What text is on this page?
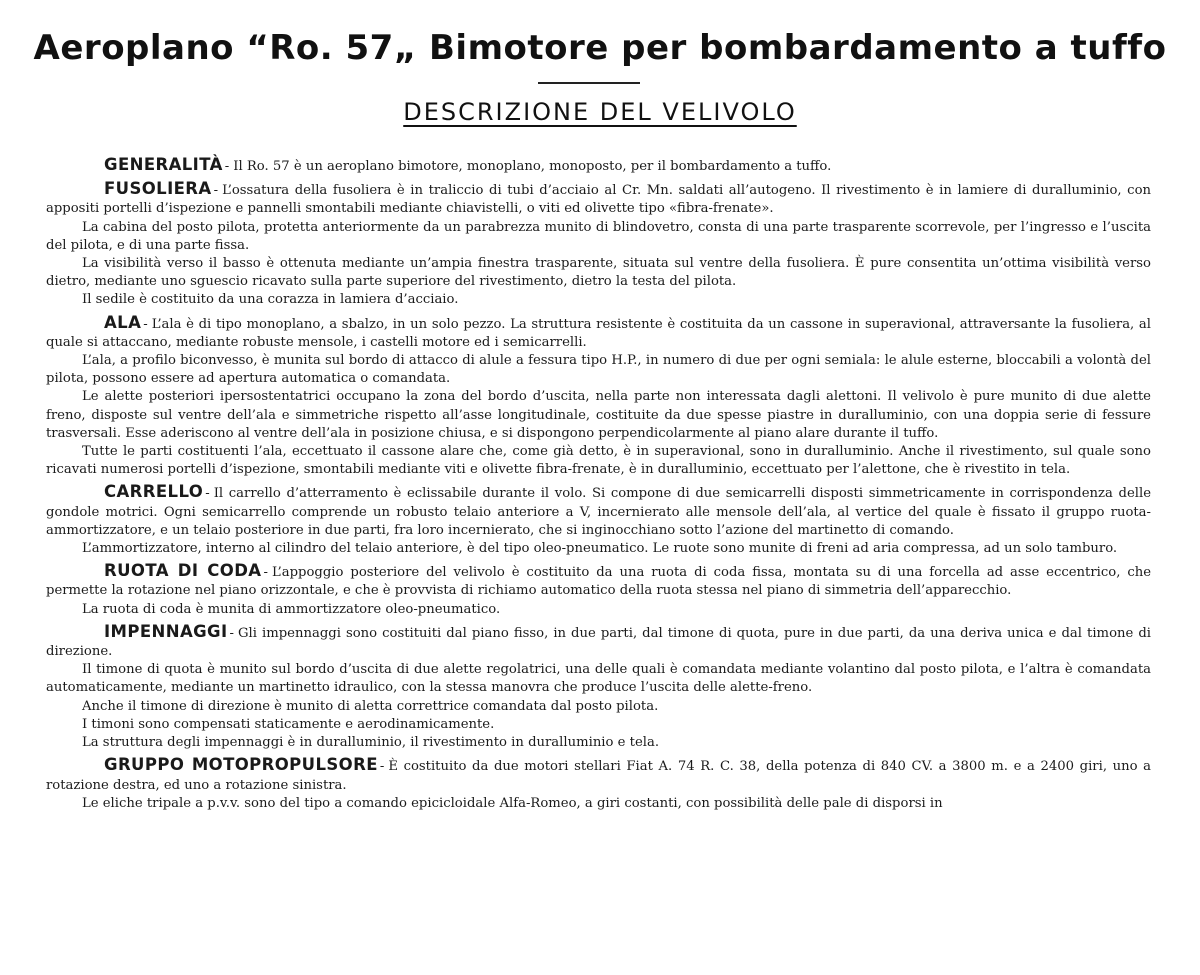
Aeroplano “Ro. 57„ Bimotore per bombardamento a tuffo
DESCRIZIONE DEL VELIVOLO

GENERALITÀ - Il Ro. 57 è un aeroplano bimotore, monoplano, monoposto, per il bombardamento a tuffo.

FUSOLIERA - L’ossatura della fusoliera è in traliccio di tubi d’acciaio al Cr. Mn. saldati all’autogeno. Il rivestimento è in lamiere di duralluminio, con appositi portelli d’ispezione e pannelli smontabili mediante chiavistelli, o viti ed olivette tipo «fibra-frenate».

La cabina del posto pilota, protetta anteriormente da un parabrezza munito di blindovetro, consta di una parte trasparente scorrevole, per l’ingresso e l’uscita del pilota, e di una parte fissa.

La visibilità verso il basso è ottenuta mediante un’ampia finestra trasparente, situata sul ventre della fusoliera. È pure consentita un’ottima visibilità verso dietro, mediante uno sguescio ricavato sulla parte superiore del rivestimento, dietro la testa del pilota.

Il sedile è costituito da una corazza in lamiera d’acciaio.

ALA - L’ala è di tipo monoplano, a sbalzo, in un solo pezzo. La struttura resistente è costituita da un cassone in superavional, attraversante la fusoliera, al quale si attaccano, mediante robuste mensole, i castelli motore ed i semicarrelli.

L’ala, a profilo biconvesso, è munita sul bordo di attacco di alule a fessura tipo H.P., in numero di due per ogni semiala: le alule esterne, bloccabili a volontà del pilota, possono essere ad apertura automatica o comandata.

Le alette posteriori ipersostentatrici occupano la zona del bordo d’uscita, nella parte non interessata dagli alettoni. Il velivolo è pure munito di due alette freno, disposte sul ventre dell’ala e simmetriche rispetto all’asse longitudinale, costituite da due spesse piastre in duralluminio, con una doppia serie di fessure trasversali. Esse aderiscono al ventre dell’ala in posizione chiusa, e si dispongono perpendicolarmente al piano alare durante il tuffo.

Tutte le parti costituenti l’ala, eccettuato il cassone alare che, come già detto, è in superavional, sono in duralluminio. Anche il rivestimento, sul quale sono ricavati numerosi portelli d’ispezione, smontabili mediante viti e olivette fibra-frenate, è in duralluminio, eccettuato per l’alettone, che è rivestito in tela.

CARRELLO - Il carrello d’atterramento è eclissabile durante il volo. Si compone di due semicarrelli disposti simmetricamente in corrispondenza delle gondole motrici. Ogni semicarrello comprende un robusto telaio anteriore a V, incernierato alle mensole dell’ala, al vertice del quale è fissato il gruppo ruota-ammortizzatore, e un telaio posteriore in due parti, fra loro incernierato, che si inginocchiano sotto l’azione del martinetto di comando.

L’ammortizzatore, interno al cilindro del telaio anteriore, è del tipo oleo-pneumatico. Le ruote sono munite di freni ad aria compressa, ad un solo tamburo.

RUOTA DI CODA - L’appoggio posteriore del velivolo è costituito da una ruota di coda fissa, montata su di una forcella ad asse eccentrico, che permette la rotazione nel piano orizzontale, e che è provvista di richiamo automatico della ruota stessa nel piano di simmetria dell’apparecchio.

La ruota di coda è munita di ammortizzatore oleo-pneumatico.

IMPENNAGGI - Gli impennaggi sono costituiti dal piano fisso, in due parti, dal timone di quota, pure in due parti, da una deriva unica e dal timone di direzione.

Il timone di quota è munito sul bordo d’uscita di due alette regolatrici, una delle quali è comandata mediante volantino dal posto pilota, e l’altra è comandata automaticamente, mediante un martinetto idraulico, con la stessa manovra che produce l’uscita delle alette-freno.

Anche il timone di direzione è munito di aletta correttrice comandata dal posto pilota.

I timoni sono compensati staticamente e aerodinamicamente.

La struttura degli impennaggi è in duralluminio, il rivestimento in duralluminio e tela.

GRUPPO MOTOPROPULSORE - È costituito da due motori stellari Fiat A. 74 R. C. 38, della potenza di 840 CV. a 3800 m. e a 2400 giri, uno a rotazione destra, ed uno a rotazione sinistra.

Le eliche tripale a p.v.v. sono del tipo a comando epicicloidale Alfa-Romeo, a giri costanti, con possibilità delle pale di disporsi in
